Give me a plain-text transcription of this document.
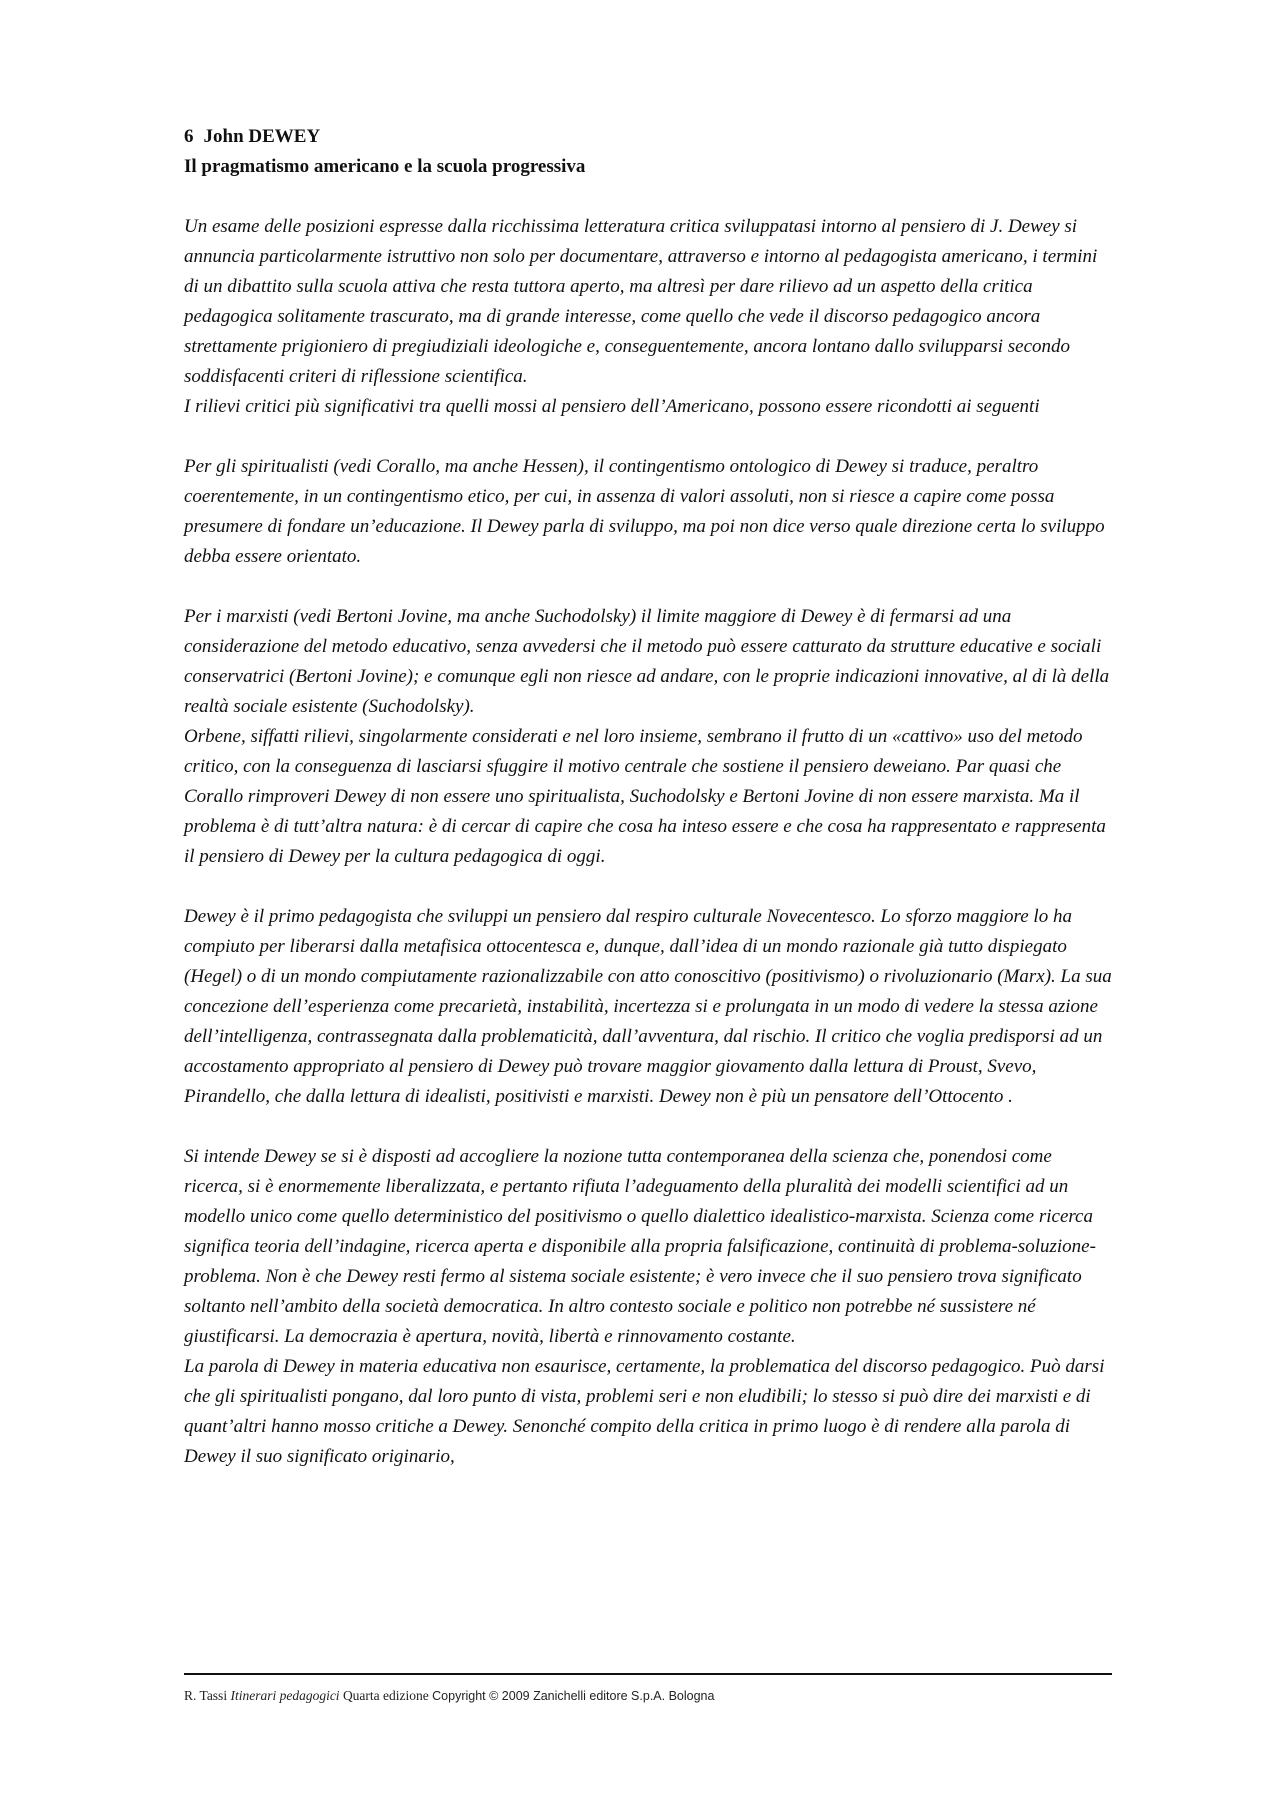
6 John DEWEY

Il pragmatismo americano e la scuola progressiva

Un esame delle posizioni espresse dalla ricchissima letteratura critica sviluppatasi intorno al pensiero di J. Dewey si annuncia particolarmente istruttivo non solo per documentare, attraverso e intorno al pedagogista americano, i termini di un dibattito sulla scuola attiva che resta tuttora aperto, ma altresì per dare rilievo ad un aspetto della critica pedagogica solitamente trascurato, ma di grande interesse, come quello che vede il discorso pedagogico ancora strettamente prigioniero di pregiudiziali ideologiche e, conseguentemente, ancora lontano dallo svilupparsi secondo soddisfacenti criteri di riflessione scientifica.

I rilievi critici più significativi tra quelli mossi al pensiero dell’Americano, possono essere ricondotti ai seguenti

Per gli spiritualisti (vedi Corallo, ma anche Hessen), il contingentismo ontologico di Dewey si traduce, peraltro coerentemente, in un contingentismo etico, per cui, in assenza di valori assoluti, non si riesce a capire come possa presumere di fondare un’educazione. Il Dewey parla di sviluppo, ma poi non dice verso quale direzione certa lo sviluppo debba essere orientato.

Per i marxisti (vedi Bertoni Jovine, ma anche Suchodolsky) il limite maggiore di Dewey è di fermarsi ad una considerazione del metodo educativo, senza avvedersi che il metodo può essere catturato da strutture educative e sociali conservatrici (Bertoni Jovine); e comunque egli non riesce ad andare, con le proprie indicazioni innovative, al di là della realtà sociale esistente (Suchodolsky).

Orbene, siffatti rilievi, singolarmente considerati e nel loro insieme, sembrano il frutto di un «cattivo» uso del metodo critico, con la conseguenza di lasciarsi sfuggire il motivo centrale che sostiene il pensiero deweiano. Par quasi che Corallo rimproveri Dewey di non essere uno spiritualista, Suchodolsky e Bertoni Jovine di non essere marxista. Ma il problema è di tutt’altra natura: è di cercar di capire che cosa ha inteso essere e che cosa ha rappresentato e rappresenta il pensiero di Dewey per la cultura pedagogica di oggi.

Dewey è il primo pedagogista che sviluppi un pensiero dal respiro culturale Novecentesco. Lo sforzo maggiore lo ha compiuto per liberarsi dalla metafisica ottocentesca e, dunque, dall’idea di un mondo razionale già tutto dispiegato (Hegel) o di un mondo compiutamente razionalizzabile con atto conoscitivo (positivismo) o rivoluzionario (Marx). La sua concezione dell’esperienza come precarietà, instabilità, incertezza si e prolungata in un modo di vedere la stessa azione dell’intelligenza, contrassegnata dalla problematicità, dall’avventura, dal rischio. Il critico che voglia predisporsi ad un accostamento appropriato al pensiero di Dewey può trovare maggior giovamento dalla lettura di Proust, Svevo, Pirandello, che dalla lettura di idealisti, positivisti e marxisti. Dewey non è più un pensatore dell’Ottocento .

Si intende Dewey se si è disposti ad accogliere la nozione tutta contemporanea della scienza che, ponendosi come ricerca, si è enormemente liberalizzata, e pertanto rifiuta l’adeguamento della pluralità dei modelli scientifici ad un modello unico come quello deterministico del positivismo o quello dialettico idealistico-marxista. Scienza come ricerca significa teoria dell’indagine, ricerca aperta e disponibile alla propria falsificazione, continuità di problema-soluzione-problema. Non è che Dewey resti fermo al sistema sociale esistente; è vero invece che il suo pensiero trova significato soltanto nell’ambito della società democratica. In altro contesto sociale e politico non potrebbe né sussistere né giustificarsi. La democrazia è apertura, novità, libertà e rinnovamento costante.

La parola di Dewey in materia educativa non esaurisce, certamente, la problematica del discorso pedagogico. Può darsi che gli spiritualisti pongano, dal loro punto di vista, problemi seri e non eludibili; lo stesso si può dire dei marxisti e di quant’altri hanno mosso critiche a Dewey. Senonché compito della critica in primo luogo è di rendere alla parola di Dewey il suo significato originario,

R. Tassi Itinerari pedagogici Quarta edizione Copyright © 2009 Zanichelli editore S.p.A. Bologna
